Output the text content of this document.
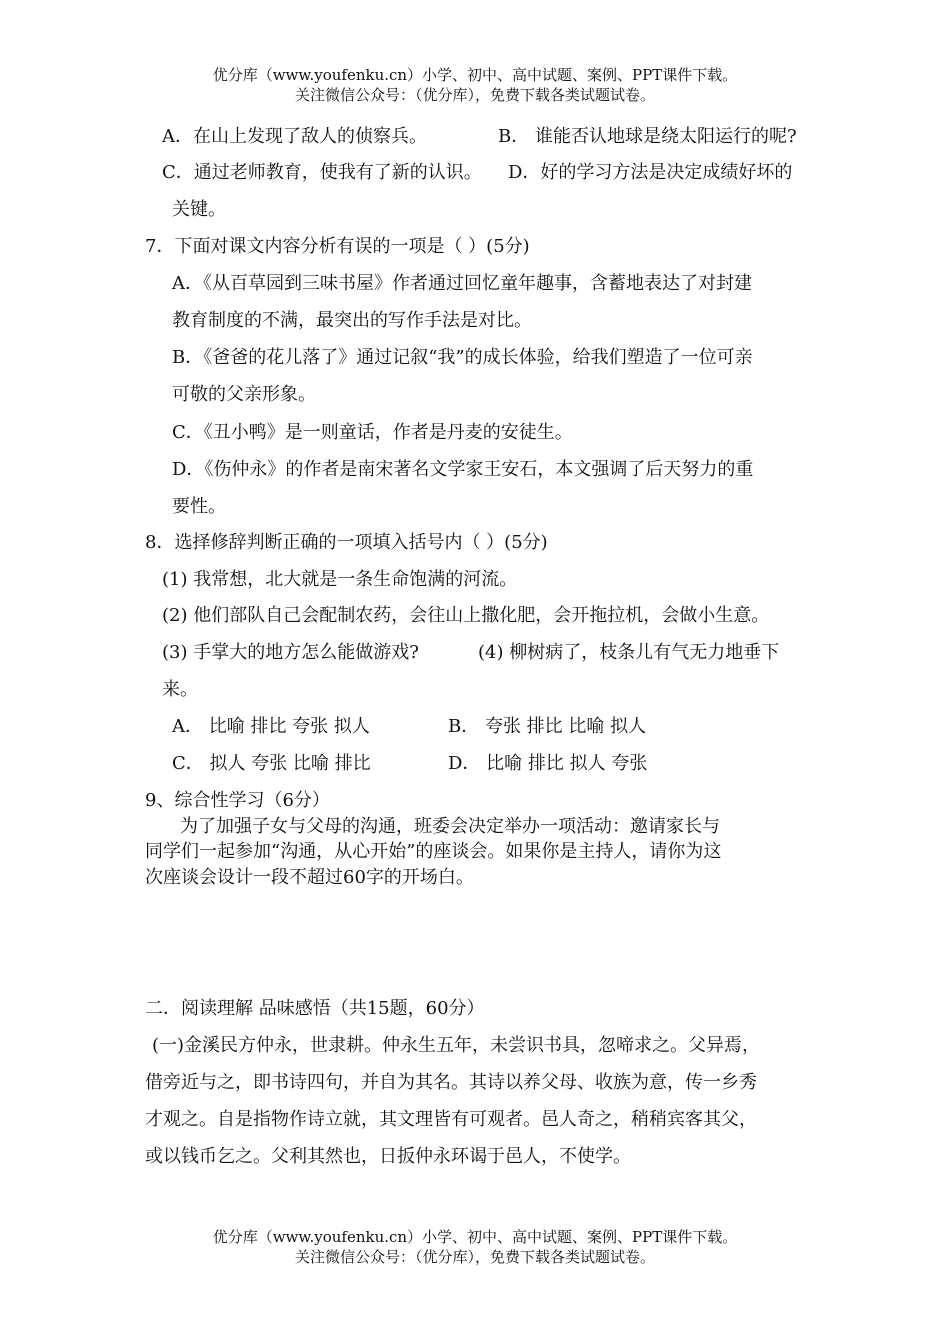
优分库（www.youfenku.cn）小学、初中、高中试题、案例、PPT课件下载。
关注微信公众号：（优分库），免费下载各类试题试卷。
A．在山上发现了敌人的侦察兵。	B． 谁能否认地球是绕太阳运行的呢?
C．通过老师教育，使我有了新的认识。 D．好的学习方法是决定成绩好坏的
关键。
7．下面对课文内容分析有误的一项是（ ）(5分)
A．《从百草园到三味书屋》作者通过回忆童年趣事，含蓄地表达了对封建
教育制度的不满，最突出的写作手法是对比。
B．《爸爸的花儿落了》通过记叙“我”的成长体验，给我们塑造了一位可亲
可敬的父亲形象。
C．《丑小鸭》是一则童话，作者是丹麦的安徒生。
D．《伤仲永》的作者是南宋著名文学家王安石，本文强调了后天努力的重
要性。
8．选择修辞判断正确的一项填入括号内（ ）(5分)
(1) 我常想，北大就是一条生命饱满的河流。
(2) 他们部队自己会配制农药，会往山上撒化肥，会开拖拉机，会做小生意。
(3) 手掌大的地方怎么能做游戏?	(4) 柳树病了，枝条儿有气无力地垂下
来。
A． 比喻 排比 夸张 拟人	B． 夸张 排比 比喻 拟人
C． 拟人 夸张 比喻 排比	D． 比喻 排比 拟人 夸张
9、综合性学习（6分）
为了加强子女与父母的沟通，班委会决定举办一项活动：邀请家长与
同学们一起参加“沟通，从心开始”的座谈会。如果你是主持人，请你为这
次座谈会设计一段不超过60字的开场白。
二．阅读理解 品味感悟（共15题，60分）
(一)金溪民方仲永，世隶耕。仲永生五年，未尝识书具，忽啼求之。父异焉，
借旁近与之，即书诗四句，并自为其名。其诗以养父母、收族为意，传一乡秀
才观之。自是指物作诗立就，其文理皆有可观者。邑人奇之，稍稍宾客其父，
或以钱币乞之。父利其然也，日扳仲永环谒于邑人，不使学。
优分库（www.youfenku.cn）小学、初中、高中试题、案例、PPT课件下载。
关注微信公众号：（优分库），免费下载各类试题试卷。
